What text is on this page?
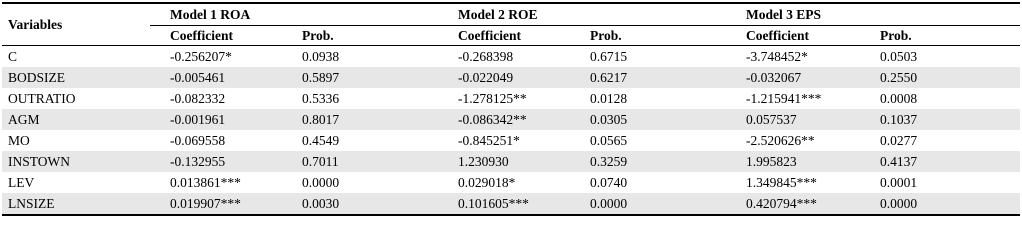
Variables	Model 1 ROA		Model 2 ROE		Model 3 EPS	
	Coefficient	Prob.	Coefficient	Prob.	Coefficient	Prob.
C	-0.256207*	0.0938	-0.268398	0.6715	-3.748452*	0.0503
BODSIZE	-0.005461	0.5897	-0.022049	0.6217	-0.032067	0.2550
OUTRATIO	-0.082332	0.5336	-1.278125**	0.0128	-1.215941***	0.0008
AGM	-0.001961	0.8017	-0.086342**	0.0305	0.057537	0.1037
MO	-0.069558	0.4549	-0.845251*	0.0565	-2.520626**	0.0277
INSTOWN	-0.132955	0.7011	1.230930	0.3259	1.995823	0.4137
LEV	0.013861***	0.0000	0.029018*	0.0740	1.349845***	0.0001
LNSIZE	0.019907***	0.0030	0.101605***	0.0000	0.420794***	0.0000
